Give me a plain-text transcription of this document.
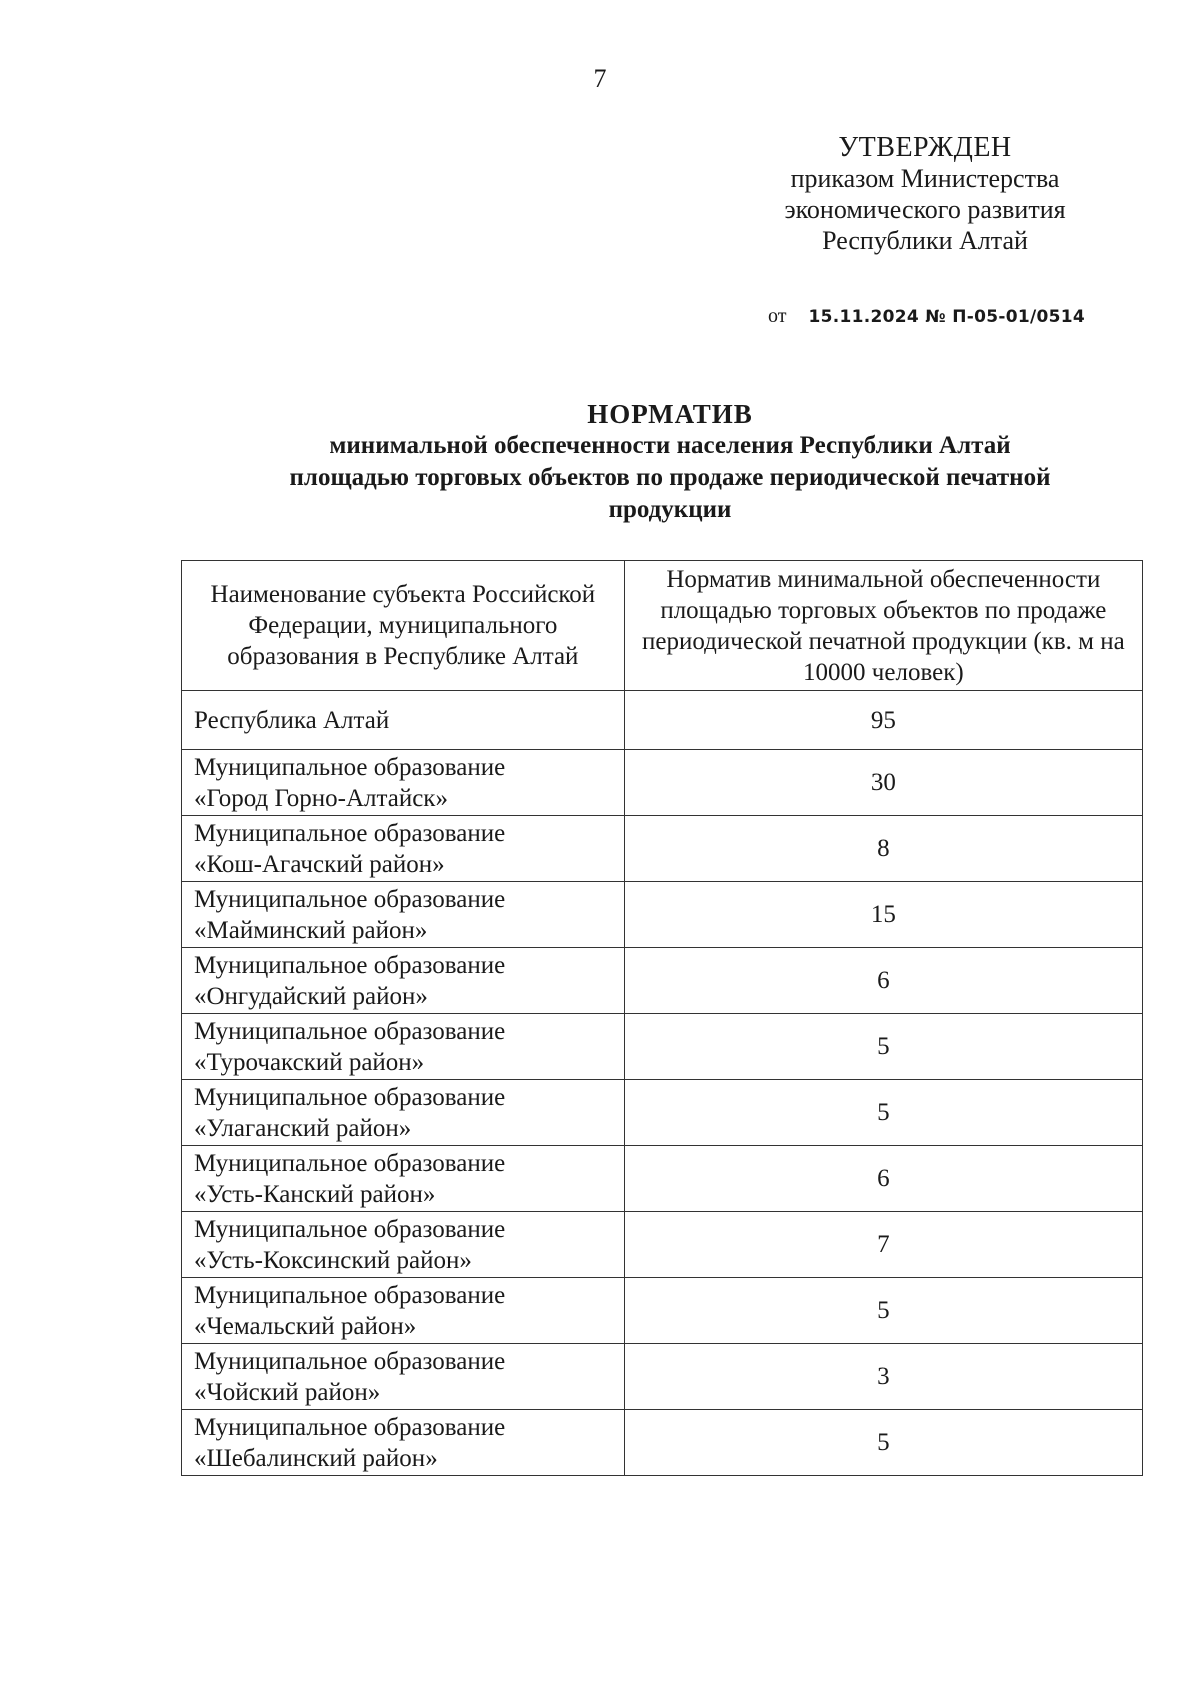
7
УТВЕРЖДЕН
приказом Министерства
экономического развития
Республики Алтай
от 15.11.2024 № П-05-01/0514
НОРМАТИВ
минимальной обеспеченности населения Республики Алтай
площадью торговых объектов по продаже периодической печатной
продукции
Наименование субъекта Российской Федерации, муниципального образования в Республике Алтай	Норматив минимальной обеспеченности площадью торговых объектов по продаже периодической печатной продукции (кв. м на 10000 человек)

Республика Алтай	95

Муниципальное образование
«Город Горно-Алтайск»	30

Муниципальное образование
«Кош-Агачский район»	8

Муниципальное образование
«Майминский район»	15

Муниципальное образование
«Онгудайский район»	6

Муниципальное образование
«Турочакский район»	5

Муниципальное образование
«Улаганский район»	5

Муниципальное образование
«Усть-Канский район»	6

Муниципальное образование
«Усть-Коксинский район»	7

Муниципальное образование
«Чемальский район»	5

Муниципальное образование
«Чойский район»	3

Муниципальное образование
«Шебалинский район»	5
